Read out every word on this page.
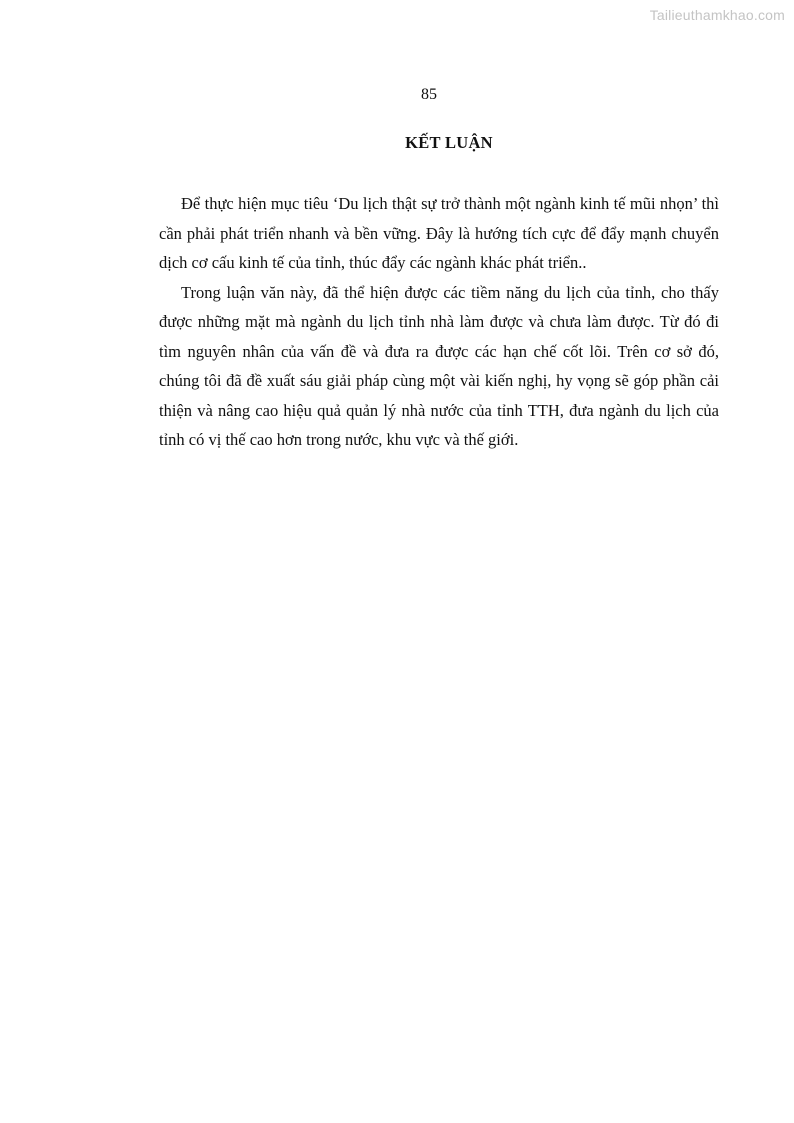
Tailieuthamkhao.com
85
KẾT LUẬN

Để thực hiện mục tiêu ‘Du lịch thật sự trở thành một ngành kinh tế mũi nhọn’ thì cần phải phát triển nhanh và bền vững. Đây là hướng tích cực để đẩy mạnh chuyển dịch cơ cấu kinh tế của tỉnh, thúc đẩy các ngành khác phát triển..

Trong luận văn này, đã thể hiện được các tiềm năng du lịch của tỉnh, cho thấy được những mặt mà ngành du lịch tỉnh nhà làm được và chưa làm được. Từ đó đi tìm nguyên nhân của vấn đề và đưa ra được các hạn chế cốt lõi. Trên cơ sở đó, chúng tôi đã đề xuất sáu giải pháp cùng một vài kiến nghị, hy vọng sẽ góp phần cải thiện và nâng cao hiệu quả quản lý nhà nước của tỉnh TTH, đưa ngành du lịch của tỉnh có vị thế cao hơn trong nước, khu vực và thế giới.
